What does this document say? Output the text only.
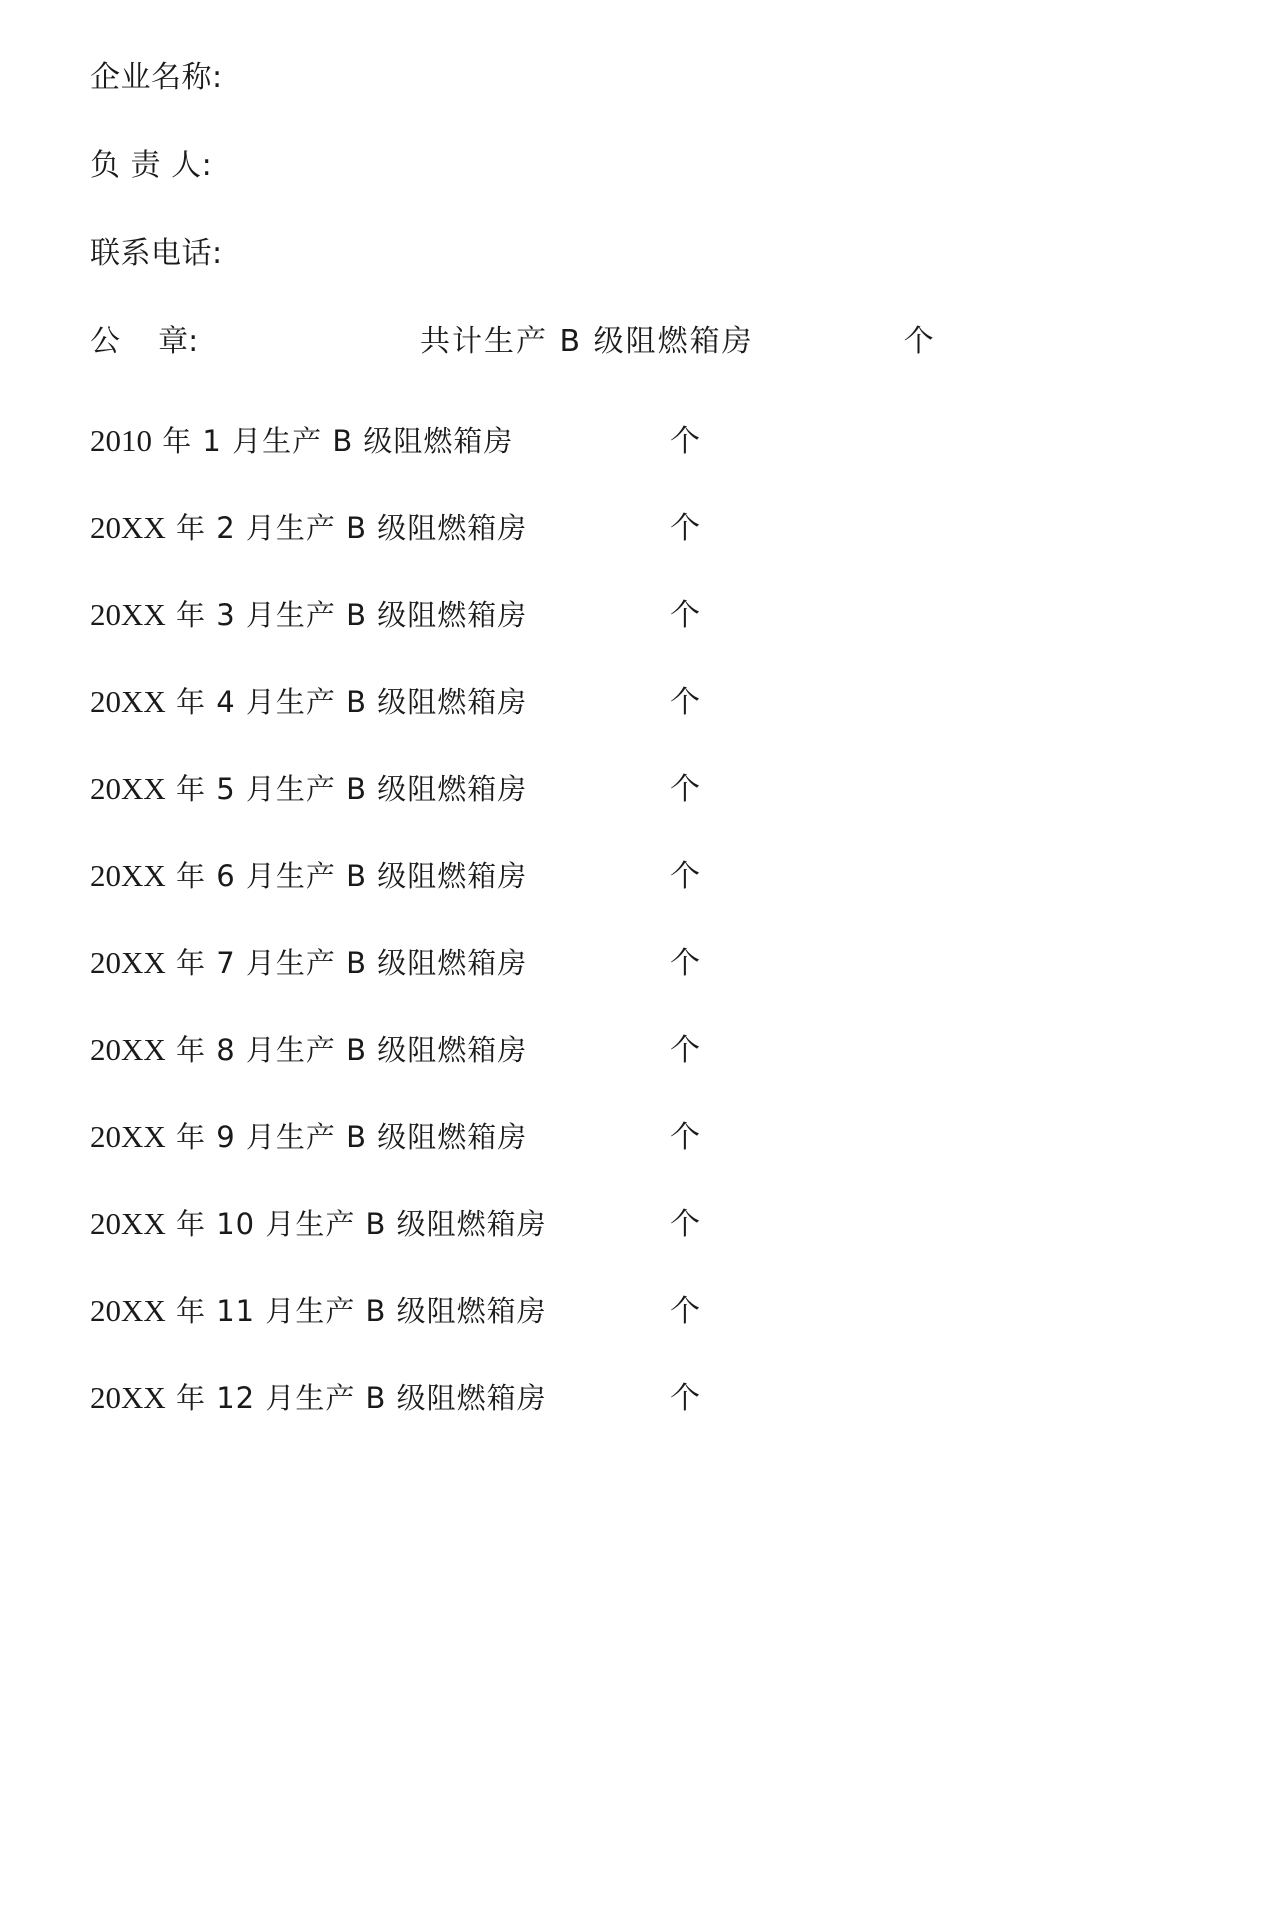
企业名称:
负 责 人:
联系电话:
公    章:	共计生产 B 级阻燃箱房	个
2010 年 1 月生产 B 级阻燃箱房	个
20XX 年 2 月生产 B 级阻燃箱房	个
20XX 年 3 月生产 B 级阻燃箱房	个
20XX 年 4 月生产 B 级阻燃箱房	个
20XX 年 5 月生产 B 级阻燃箱房	个
20XX 年 6 月生产 B 级阻燃箱房	个
20XX 年 7 月生产 B 级阻燃箱房	个
20XX 年 8 月生产 B 级阻燃箱房	个
20XX 年 9 月生产 B 级阻燃箱房	个
20XX 年 10 月生产 B 级阻燃箱房	个
20XX 年 11 月生产 B 级阻燃箱房	个
20XX 年 12 月生产 B 级阻燃箱房	个
